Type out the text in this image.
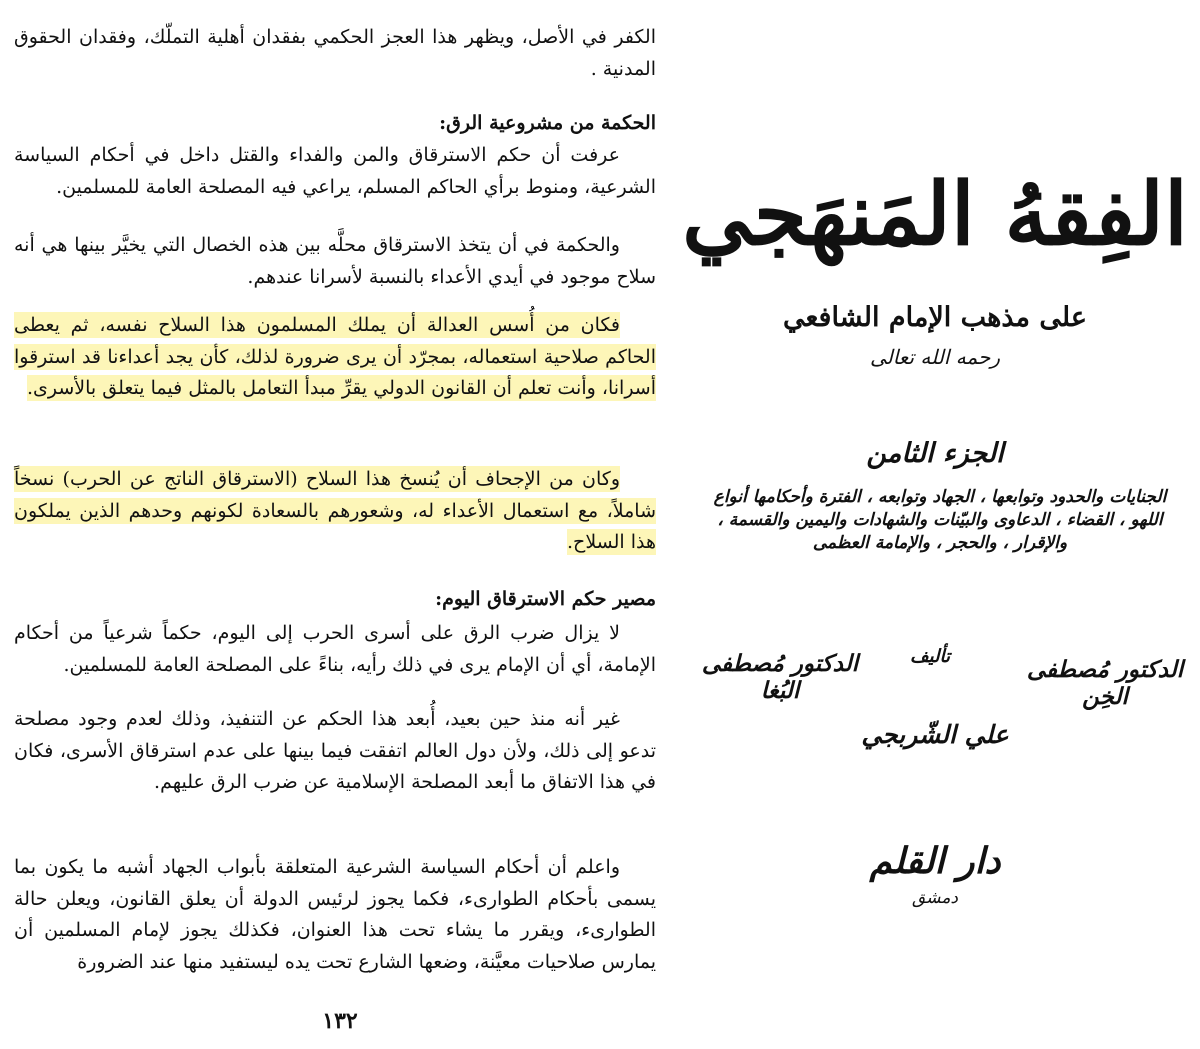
الكفر في الأصل، ويظهر هذا العجز الحكمي بفقدان أهلية التملّك، وفقدان الحقوق المدنية .
الحكمة من مشروعية الرق:
عرفت أن حكم الاسترقاق والمن والفداء والقتل داخل في أحكام السياسة الشرعية، ومنوط برأي الحاكم المسلم، يراعي فيه المصلحة العامة للمسلمين.
والحكمة في أن يتخذ الاسترقاق محلَّه بين هذه الخصال التي يخيَّر بينها هي أنه سلاح موجود في أيدي الأعداء بالنسبة لأسرانا عندهم.
فكان من أُسس العدالة أن يملك المسلمون هذا السلاح نفسه، ثم يعطى الحاكم صلاحية استعماله، بمجرّد أن يرى ضرورة لذلك، كأن يجد أعداءنا قد استرقوا أسرانا، وأنت تعلم أن القانون الدولي يقرِّ مبدأ التعامل بالمثل فيما يتعلق بالأسرى.
وكان من الإجحاف أن يُنسخ هذا السلاح (الاسترقاق الناتج عن الحرب) نسخاً شاملاً، مع استعمال الأعداء له، وشعورهم بالسعادة لكونهم وحدهم الذين يملكون هذا السلاح.
مصير حكم الاسترقاق اليوم:
لا يزال ضرب الرق على أسرى الحرب إلى اليوم، حكماً شرعياً من أحكام الإمامة، أي أن الإمام يرى في ذلك رأيه، بناءً على المصلحة العامة للمسلمين.
غير أنه منذ حين بعيد، أُبعد هذا الحكم عن التنفيذ، وذلك لعدم وجود مصلحة تدعو إلى ذلك، ولأن دول العالم اتفقت فيما بينها على عدم استرقاق الأسرى، فكان في هذا الاتفاق ما أبعد المصلحة الإسلامية عن ضرب الرق عليهم.
واعلم أن أحكام السياسة الشرعية المتعلقة بأبواب الجهاد أشبه ما يكون بما يسمى بأحكام الطوارىء، فكما يجوز لرئيس الدولة أن يعلق القانون، ويعلن حالة الطوارىء، ويقرر ما يشاء تحت هذا العنوان، فكذلك يجوز لإمام المسلمين أن يمارس صلاحيات معيَّنة، وضعها الشارع تحت يده ليستفيد منها عند الضرورة
١٣٢
الفِقهُ المَنهَجي
على مذهب الإمام الشافعي
رحمه الله تعالى
الجزء الثامن
الجنايات والحدود وتوابعها ، الجهاد وتوابعه ، الفترة وأحكامها أنواع اللهو ، القضاء ، الدعاوى والبيّنات والشهادات واليمين والقسمة ، والإقرار ، والحجر ، والإمامة العظمى
تأليف	الدكتور مُصطفى الخِن
الدكتور مُصطفى البُغا
علي الشّربجي
دار القلم
دمشق
